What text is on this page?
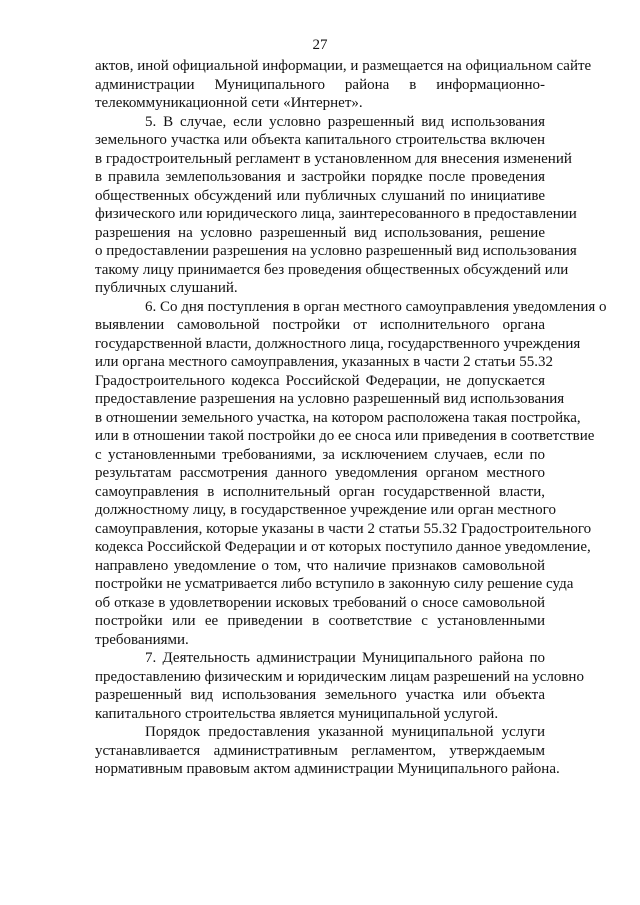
27
актов, иной официальной информации, и размещается на официальном сайте
администрации Муниципального района в информационно-
телекоммуникационной сети «Интернет».
5. В случае, если условно разрешенный вид использования
земельного участка или объекта капитального строительства включен
в градостроительный регламент в установленном для внесения изменений
в правила землепользования и застройки порядке после проведения
общественных обсуждений или публичных слушаний по инициативе
физического или юридического лица, заинтересованного в предоставлении
разрешения на условно разрешенный вид использования, решение
о предоставлении разрешения на условно разрешенный вид использования
такому лицу принимается без проведения общественных обсуждений или
публичных слушаний.
6. Со дня поступления в орган местного самоуправления уведомления о
выявлении самовольной постройки от исполнительного органа
государственной власти, должностного лица, государственного учреждения
или органа местного самоуправления, указанных в части 2 статьи 55.32
Градостроительного кодекса Российской Федерации, не допускается
предоставление разрешения на условно разрешенный вид использования
в отношении земельного участка, на котором расположена такая постройка,
или в отношении такой постройки до ее сноса или приведения в соответствие
с установленными требованиями, за исключением случаев, если по
результатам рассмотрения данного уведомления органом местного
самоуправления в исполнительный орган государственной власти,
должностному лицу, в государственное учреждение или орган местного
самоуправления, которые указаны в части 2 статьи 55.32 Градостроительного
кодекса Российской Федерации и от которых поступило данное уведомление,
направлено уведомление о том, что наличие признаков самовольной
постройки не усматривается либо вступило в законную силу решение суда
об отказе в удовлетворении исковых требований о сносе самовольной
постройки или ее приведении в соответствие с установленными
требованиями.
7. Деятельность администрации Муниципального района по
предоставлению физическим и юридическим лицам разрешений на условно
разрешенный вид использования земельного участка или объекта
капитального строительства является муниципальной услугой.
Порядок предоставления указанной муниципальной услуги
устанавливается административным регламентом, утверждаемым
нормативным правовым актом администрации Муниципального района.
